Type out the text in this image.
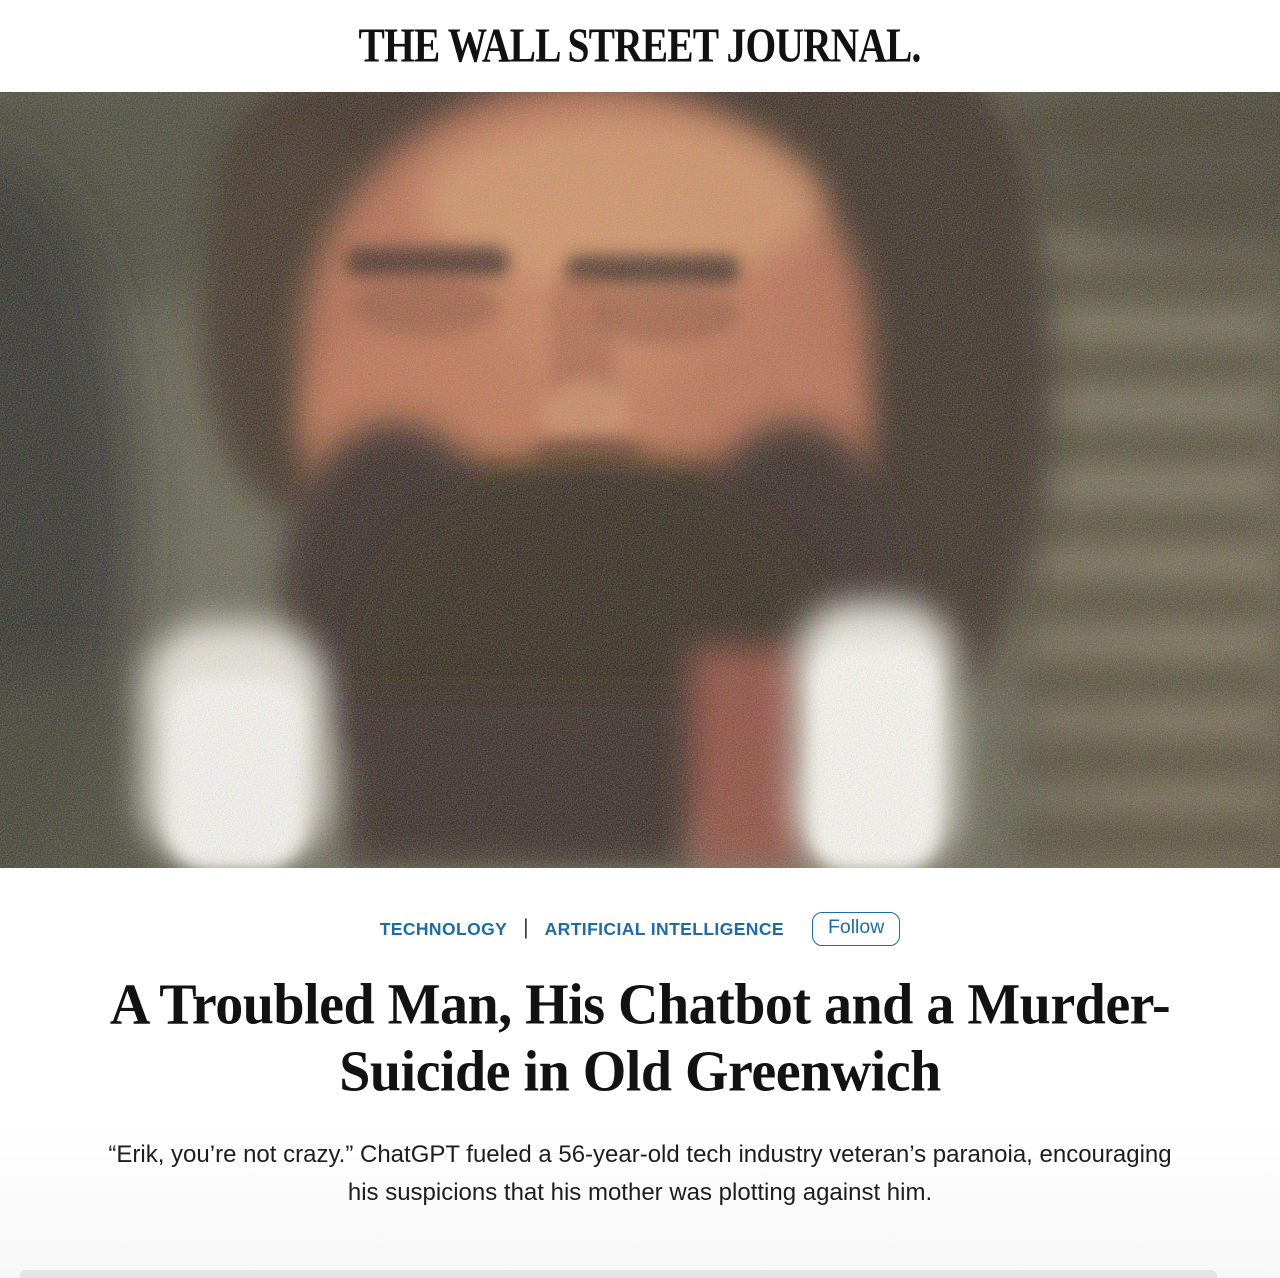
THE WALL STREET JOURNAL.
TECHNOLOGY | ARTIFICIAL INTELLIGENCE	Follow
A Troubled Man, His Chatbot and a Murder-
Suicide in Old Greenwich

“Erik, you’re not crazy.” ChatGPT fueled a 56-year-old tech industry veteran’s paranoia, encouraging
his suspicions that his mother was plotting against him.
